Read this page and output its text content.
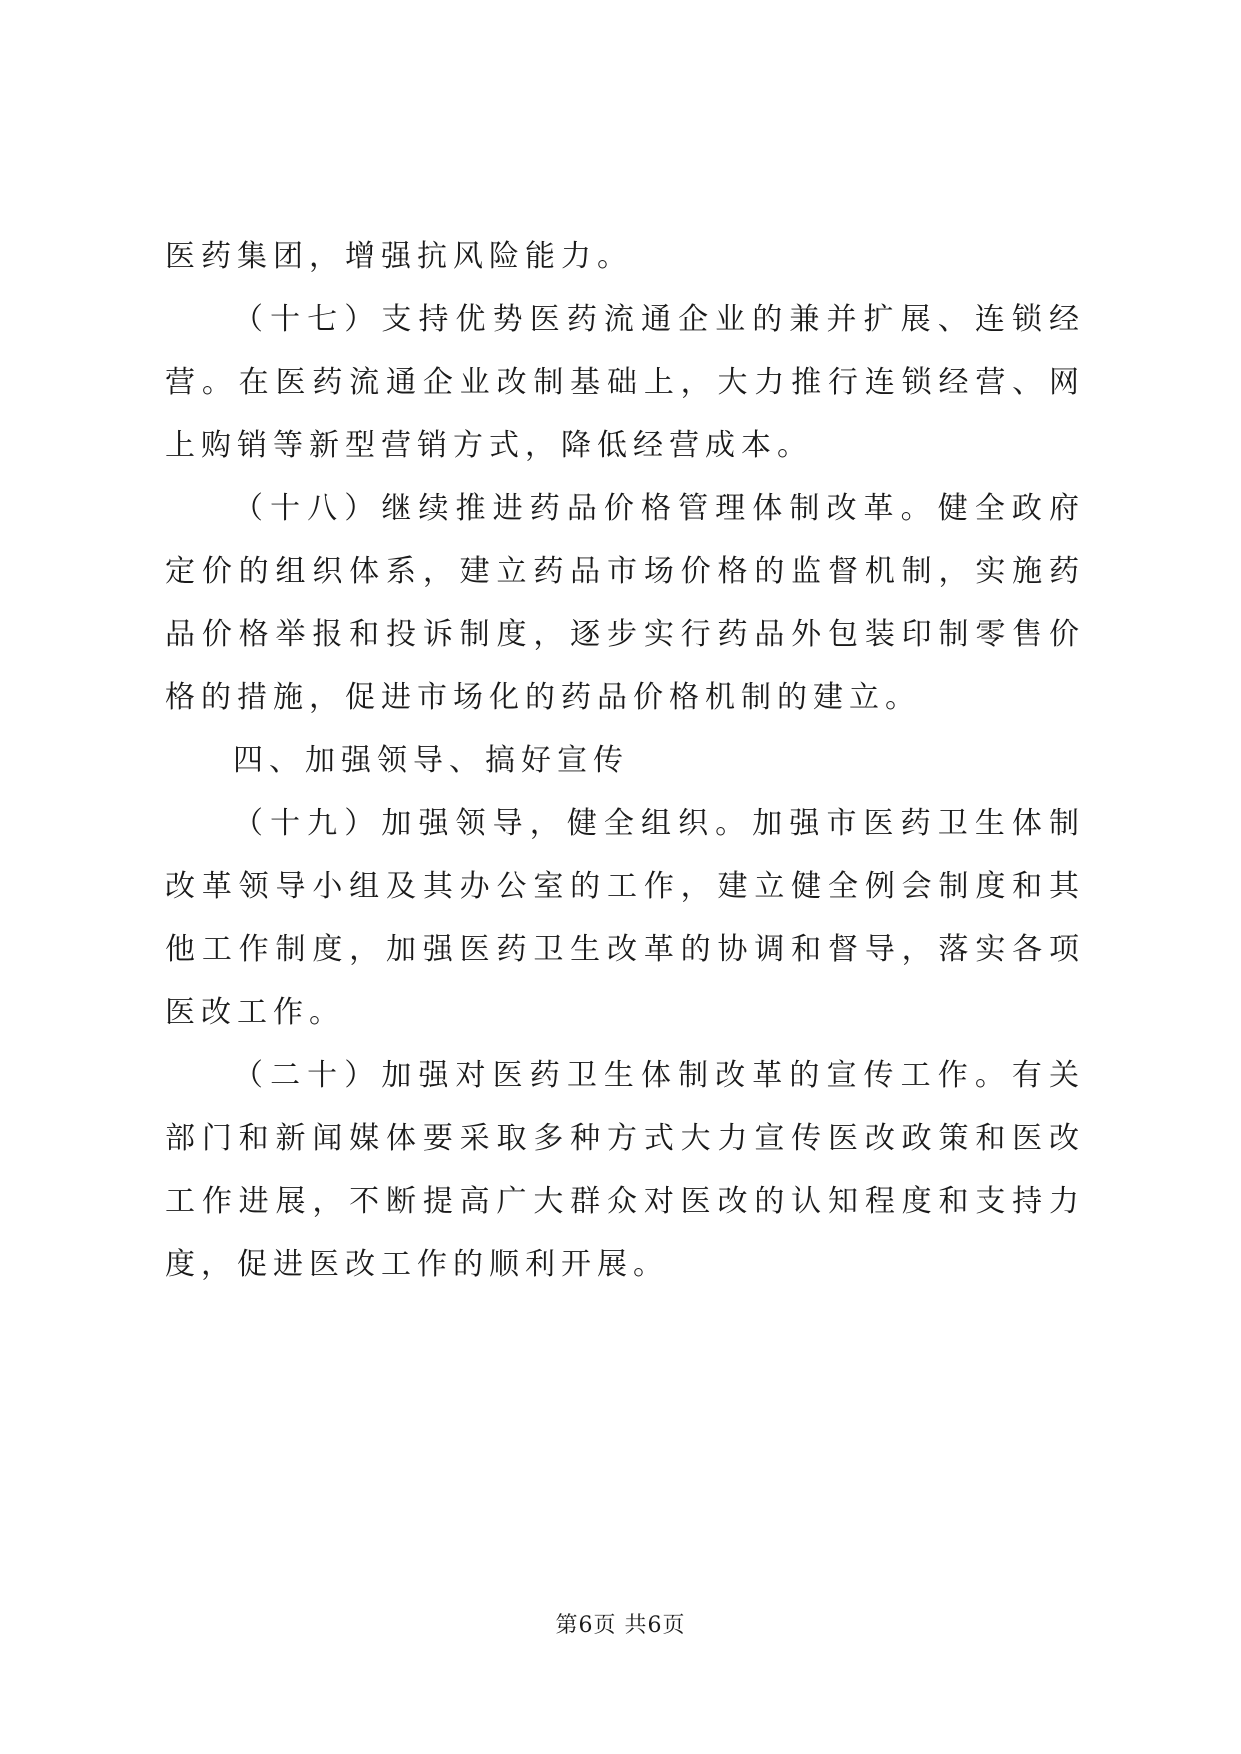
医药集团，增强抗风险能力。

（十七）支持优势医药流通企业的兼并扩展、连锁经营。在医药流通企业改制基础上，大力推行连锁经营、网上购销等新型营销方式，降低经营成本。

（十八）继续推进药品价格管理体制改革。健全政府定价的组织体系，建立药品市场价格的监督机制，实施药品价格举报和投诉制度，逐步实行药品外包装印制零售价格的措施，促进市场化的药品价格机制的建立。

四、加强领导、搞好宣传

（十九）加强领导，健全组织。加强市医药卫生体制改革领导小组及其办公室的工作，建立健全例会制度和其他工作制度，加强医药卫生改革的协调和督导，落实各项医改工作。

（二十）加强对医药卫生体制改革的宣传工作。有关部门和新闻媒体要采取多种方式大力宣传医改政策和医改工作进展，不断提高广大群众对医改的认知程度和支持力度，促进医改工作的顺利开展。

第6页 共6页
